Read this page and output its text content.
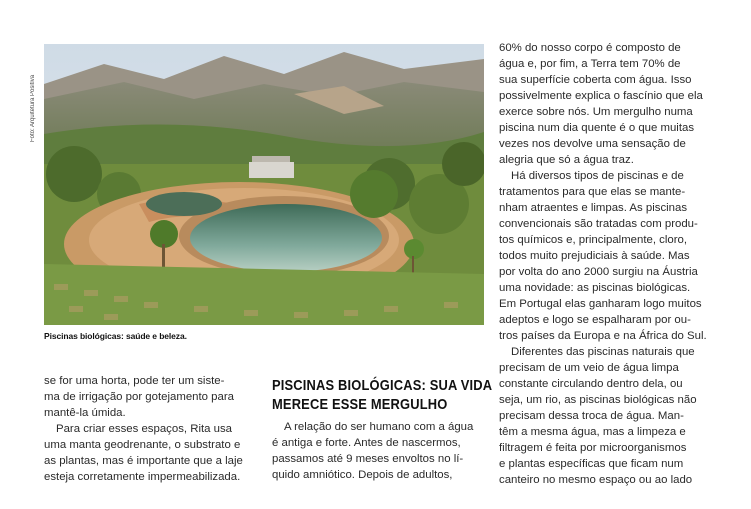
Foto: Arquitetura Positiva
Piscinas biológicas: saúde e beleza.

se for uma horta, pode ter um siste-

ma de irrigação por gotejamento para

mantê-la úmida.

Para criar esses espaços, Rita usa

uma manta geodrenante, o substrato e

as plantas, mas é importante que a laje

esteja corretamente impermeabilizada.

PISCINAS BIOLÓGICAS: SUA VIDA

MERECE ESSE MERGULHO

A relação do ser humano com a água

é antiga e forte. Antes de nascermos,

passamos até 9 meses envoltos no lí-

quido amniótico. Depois de adultos,

60% do nosso corpo é composto de

água e, por fim, a Terra tem 70% de

sua superfície coberta com água. Isso

possivelmente explica o fascínio que ela

exerce sobre nós. Um mergulho numa

piscina num dia quente é o que muitas

vezes nos devolve uma sensação de

alegria que só a água traz.

Há diversos tipos de piscinas e de

tratamentos para que elas se mante-

nham atraentes e limpas. As piscinas

convencionais são tratadas com produ-

tos químicos e, principalmente, cloro,

todos muito prejudiciais à saúde. Mas

por volta do ano 2000 surgiu na Áustria

uma novidade: as piscinas biológicas.

Em Portugal elas ganharam logo muitos

adeptos e logo se espalharam por ou-

tros países da Europa e na África do Sul.

Diferentes das piscinas naturais que

precisam de um veio de água limpa

constante circulando dentro dela, ou

seja, um rio, as piscinas biológicas não

precisam dessa troca de água. Man-

têm a mesma água, mas a limpeza e

filtragem é feita por microorganismos

e plantas específicas que ficam num

canteiro no mesmo espaço ou ao lado
